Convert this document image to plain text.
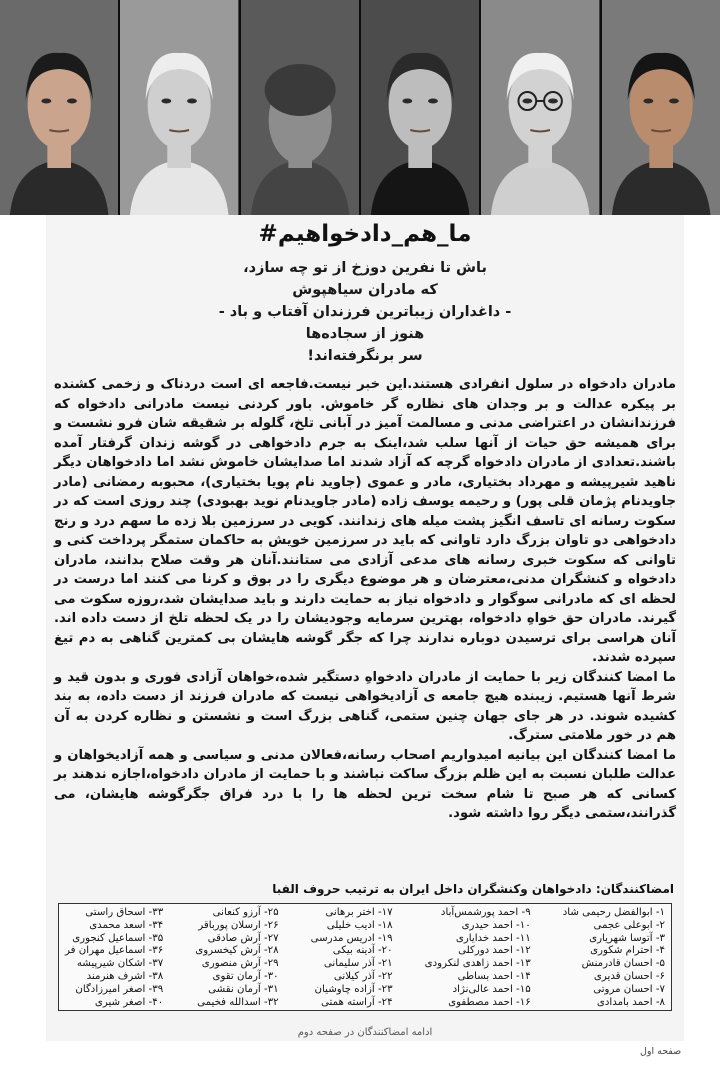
#ما_هم_دادخواهیم
باش تا نفرین دوزخ از تو چه سازد،
که مادران سیاهپوش
- داغداران زیباترین فرزندان آفتاب و باد -
هنوز از سجاده‌ها
سر برنگرفته‌اند!

مادران دادخواه در سلول انفرادی هستند.این خبر نیست.فاجعه ای است دردناک و زخمی کشنده بر پیکره عدالت و بر وجدان های نظاره گر خاموش. باور کردنی نیست مادرانی دادخواه که فرزندانشان در اعتراضی مدنی و مسالمت آمیز در آبانی تلخ، گلوله بر شقیقه شان فرو نشست و برای همیشه حق حیات از آنها سلب شد،اینک به جرم دادخواهی در گوشه زندان گرفتار آمده باشند.تعدادی از مادران دادخواه گرچه که آزاد شدند اما صدایشان خاموش نشد اما دادخواهان دیگر ناهید شیرپیشه و مهرداد بختیاری، مادر و عموی (جاوید نام پویا بختیاری)، محبوبه رمضانی (مادر جاویدنام پژمان قلی پور) و رحیمه یوسف زاده (مادر جاویدنام نوید بهبودی) چند روزی است که در سکوت رسانه ای تاسف انگیز پشت میله های زندانند. کویی در سرزمین بلا زده ما سهم درد و رنج دادخواهی دو تاوان بزرگ دارد تاوانی که باید در سرزمین خویش به حاکمان ستمگر پرداخت کنی و تاوانی که سکوت خبری رسانه های مدعی آزادی می ستانند.آنان هر وقت صلاح بدانند، مادران دادخواه و کنشگران مدنی،معترضان و هر موضوع دیگری را در بوق و کرنا می کنند اما درست در لحظه ای که مادرانی سوگوار و دادخواه نیاز به حمایت دارند و باید صدایشان شد،روزه سکوت می گیرند. مادران حق خواهِ دادخواه، بهترین سرمایه وجودیشان را در یک لحظه تلخ از دست داده اند. آنان هراسی برای ترسیدن دوباره ندارند چرا که جگر گوشه هایشان بی کمترین گناهی به دم تیغ سپرده شدند.

ما امضا کنندگان زیر با حمایت از مادران دادخواهِ دستگیر شده،خواهان آزادی فوری و بدون قید و شرط آنها هستیم. زیبنده هیچ جامعه‌ ی آزادیخواهی نیست که مادران فرزند از دست داده، به بند کشیده شوند. در هر جای جهان چنین ستمی، گناهی بزرگ است و نشستن و نظاره کردن به آن هم در خور ملامتی سترگ.

ما امضا کنندگان این بیانیه امیدواریم اصحاب رسانه،فعالان مدنی و سیاسی و همه آزادیخواهان و عدالت طلبان نسبت به این ظلم بزرگ ساکت نباشند و با حمایت از مادران دادخواه،اجازه ندهند بر کسانی که هر صبح تا شام سخت ترین لحظه ها را با درد فراق جگرگوشه هایشان، می گذرانند،ستمی دیگر روا داشته شود.

امضاکنندگان: دادخواهان وکنشگران داخل ایران به ترتیب حروف الفبا
۱- ابوالفضل رحیمی شاد
۲- ابوعلی عجمی
۳- آتوسا شهریاری
۴- احترام شکوری
۵- احسان قادرمنش
۶- احسان قدیری
۷- احسان مروتی
۸- احمد بامدادی
۹- احمد پورشمس‌آباد
۱۰- احمد حیدری
۱۱- احمد خدایاری
۱۲- احمد دورکلی
۱۳- احمد زاهدی لنکرودی
۱۴- احمد بساطی
۱۵- احمد عالی‌نژاد
۱۶- احمد مصطفوی
۱۷- اختر برهانی
۱۸- ادیب خلیلی
۱۹- ادریس مدرسی
۲۰- آدینه بیکی
۲۱- آذر سلیمانی
۲۲- آذر کیلانی
۲۳- آزاده چاوشیان
۲۴- آراسته همتی
۲۵- آرزو کنعانی
۲۶- ارسلان پورباقر
۲۷- آرش صادقی
۲۸- آرش کیخسروی
۲۹- آرش منصوری
۳۰- آرمان تقوی
۳۱- آرمان نقشی
۳۲- اسدالله فخیمی
۳۳- اسحاق راستی
۳۴- اسعد محمدی
۳۵- اسماعیل کنجوری
۳۶- اسماعیل مهران فر
۳۷- اشکان شیرپیشه
۳۸- اشرف هنرمند
۳۹- اصغر امیرزادگان
۴۰- اصغر شیری
ادامه امضاکنندگان در صفحه دوم
صفحه اول
